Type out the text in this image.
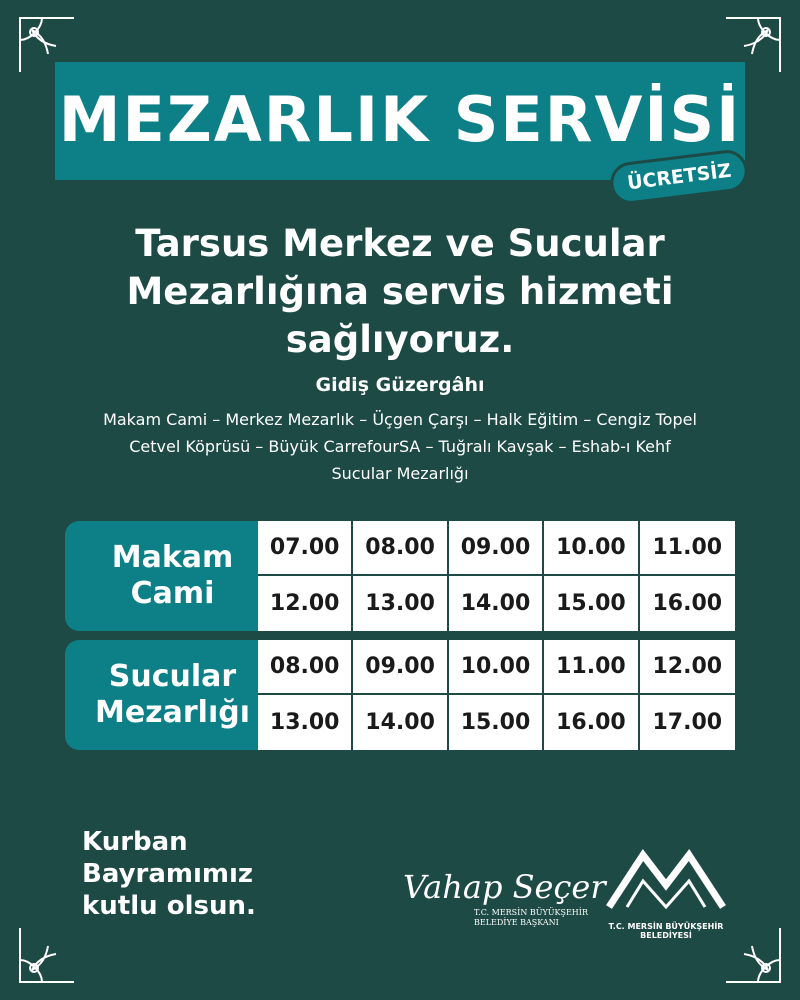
MEZARLIK SERVİSİ
ÜCRETSİZ
Tarsus Merkez ve Sucular
Mezarlığına servis hizmeti
sağlıyoruz.
Gidiş Güzergâhı
Makam Cami – Merkez Mezarlık – Üçgen Çarşı – Halk Eğitim – Cengiz Topel
Cetvel Köprüsü – Büyük CarrefourSA – Tuğralı Kavşak – Eshab-ı Kehf
Sucular Mezarlığı
Makam
Cami
07.00	08.00	09.00	10.00	11.00
12.00	13.00	14.00	15.00	16.00
Sucular
Mezarlığı
08.00	09.00	10.00	11.00	12.00
13.00	14.00	15.00	16.00	17.00
Kurban
Bayramımız
kutlu olsun.	Vahap Seçer
T.C. MERSİN BÜYÜKŞEHİR
BELEDİYE BAŞKANI	T.C. MERSİN BÜYÜKŞEHİR BELEDİYESİ
